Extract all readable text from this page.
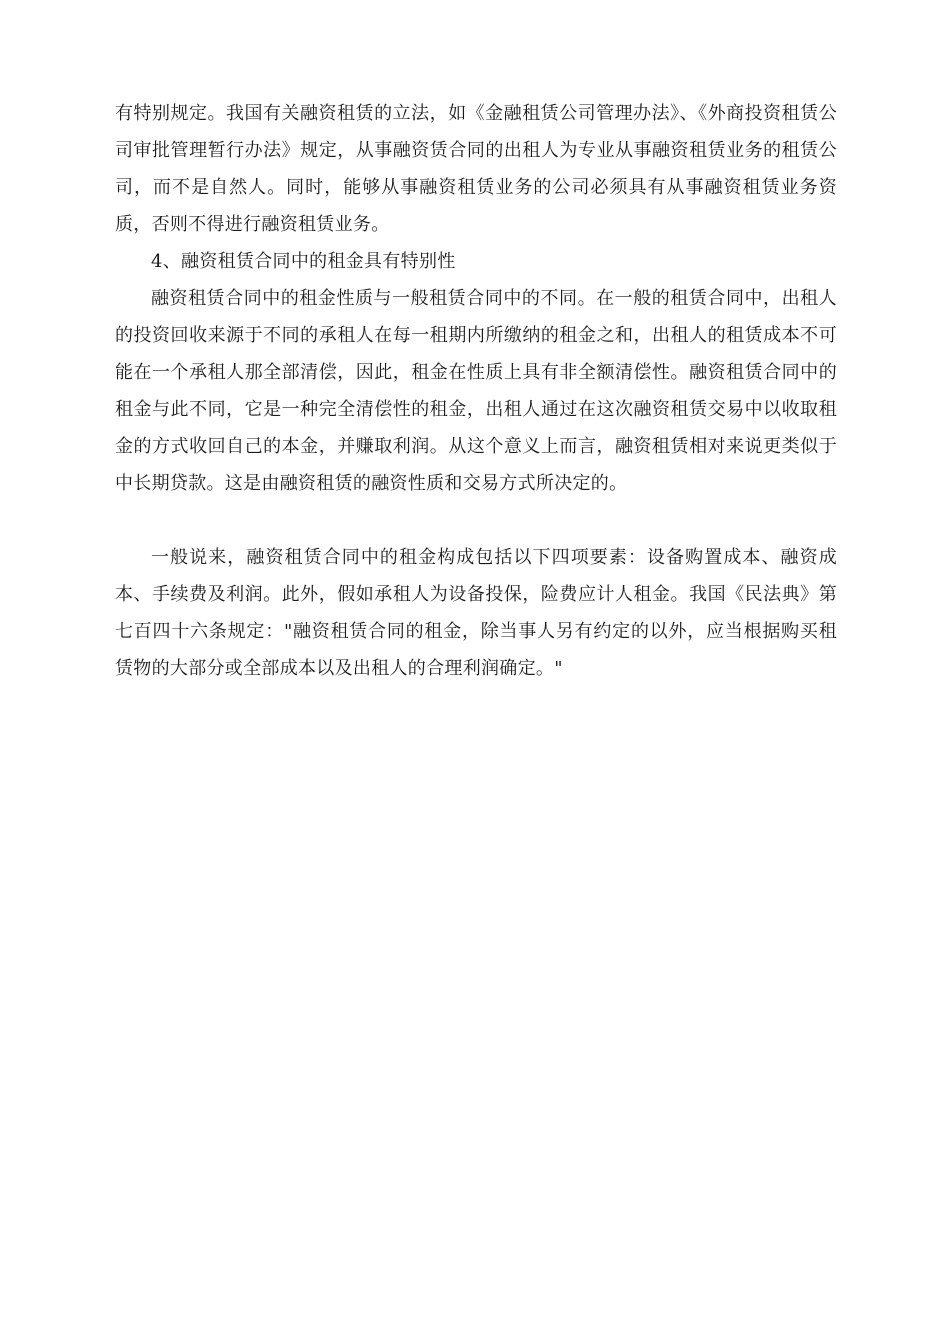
有特别规定。我国有关融资租赁的立法，如《金融租赁公司管理办法》、《外商投资租赁公司审批管理暂行办法》规定，从事融资赁合同的出租人为专业从事融资租赁业务的租赁公司，而不是自然人。同时，能够从事融资租赁业务的公司必须具有从事融资租赁业务资质，否则不得进行融资租赁业务。

4、融资租赁合同中的租金具有特别性

融资租赁合同中的租金性质与一般租赁合同中的不同。在一般的租赁合同中，出租人的投资回收来源于不同的承租人在每一租期内所缴纳的租金之和，出租人的租赁成本不可能在一个承租人那全部清偿，因此，租金在性质上具有非全额清偿性。融资租赁合同中的租金与此不同，它是一种完全清偿性的租金，出租人通过在这次融资租赁交易中以收取租金的方式收回自己的本金，并赚取利润。从这个意义上而言，融资租赁相对来说更类似于中长期贷款。这是由融资租赁的融资性质和交易方式所决定的。

一般说来，融资租赁合同中的租金构成包括以下四项要素：设备购置成本、融资成本、手续费及利润。此外，假如承租人为设备投保，险费应计人租金。我国《民法典》第七百四十六条规定："融资租赁合同的租金，除当事人另有约定的以外，应当根据购买租赁物的大部分或全部成本以及出租人的合理利润确定。"
